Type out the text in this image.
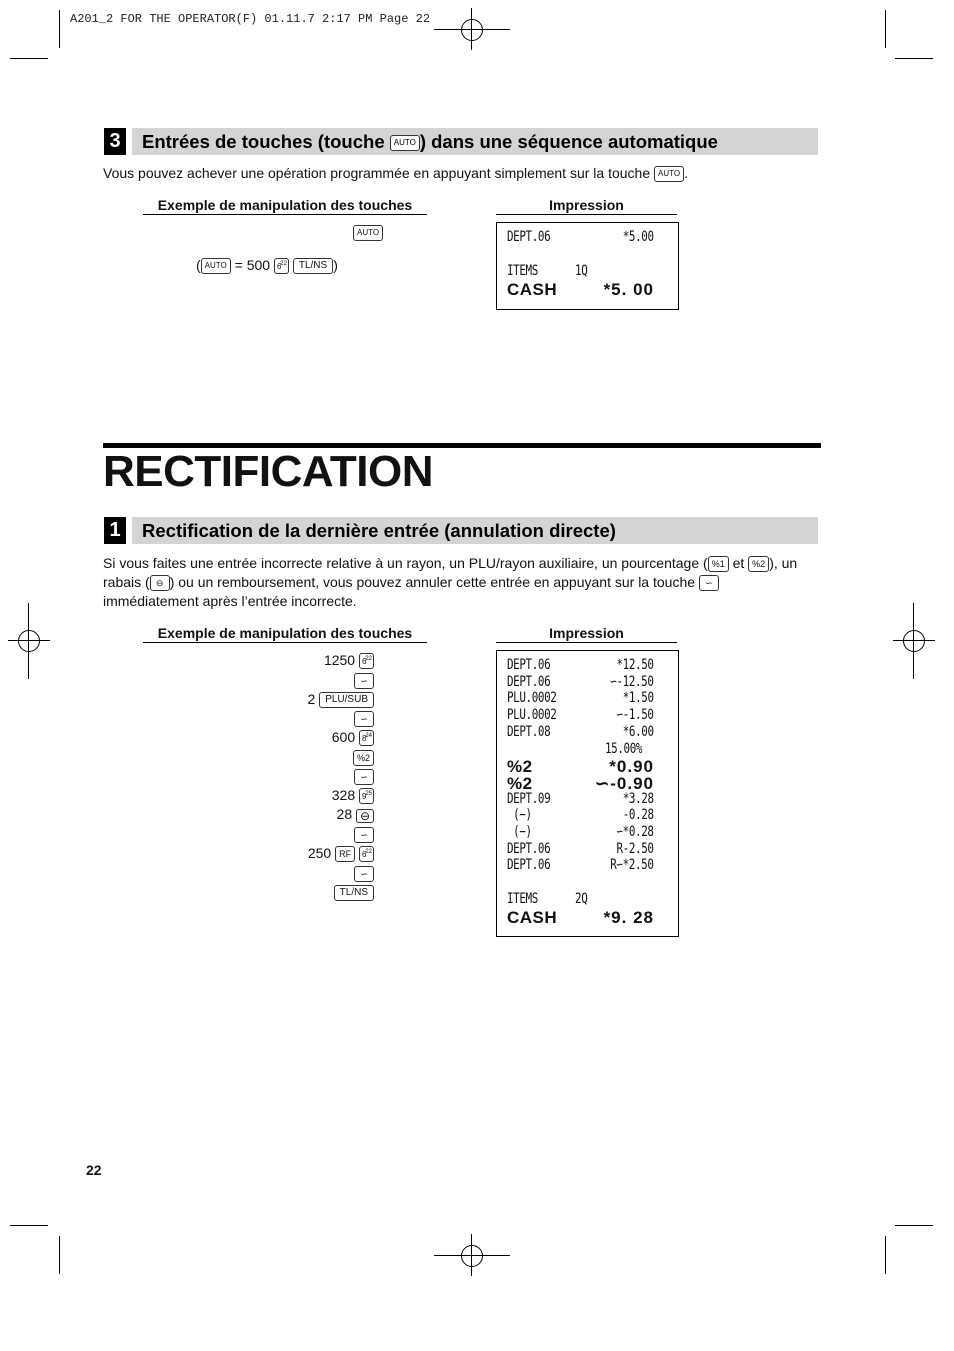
A201_2 FOR THE OPERATOR(F) 01.11.7 2:17 PM Page 22
3 Entrées de touches (touche AUTO ) dans une séquence automatique
Vous pouvez achever une opération programmée en appuyant simplement sur la touche AUTO .
Exemple de manipulation des touches	Impression
AUTO
( AUTO = 500 6
22 TL/NS )
DEPT.06	*5.00
ITEMS      1Q
CASH	*5. 00
RECTIFICATION
1 Rectification de la dernière entrée (annulation directe)
Si vous faites une entrée incorrecte relative à un rayon, un PLU/rayon auxiliaire, un pourcentage ( %1 et %2 ), un
rabais ( ⊖ ) ou un remboursement, vous pouvez annuler cette entrée en appuyant sur la touche ∽
immédiatement après l’entrée incorrecte.
Exemple de manipulation des touches	Impression
1250 6
22
∽
2 PLU/SUB
∽
600 8
24
%2
∽
328 9
25
28 ⊖
∽
250 RF 6
22
∽
TL/NS
DEPT.06	*12.50
DEPT.06	∽-12.50
PLU.0002	*1.50
PLU.0002	∽-1.50
DEPT.08	*6.00
15.00%
%2	*0.90
%2	∽-0.90
DEPT.09	*3.28
(−)	-0.28
(−)	∽*0.28
DEPT.06	R-2.50
DEPT.06	R∽*2.50
ITEMS      2Q
CASH	*9. 28
22
